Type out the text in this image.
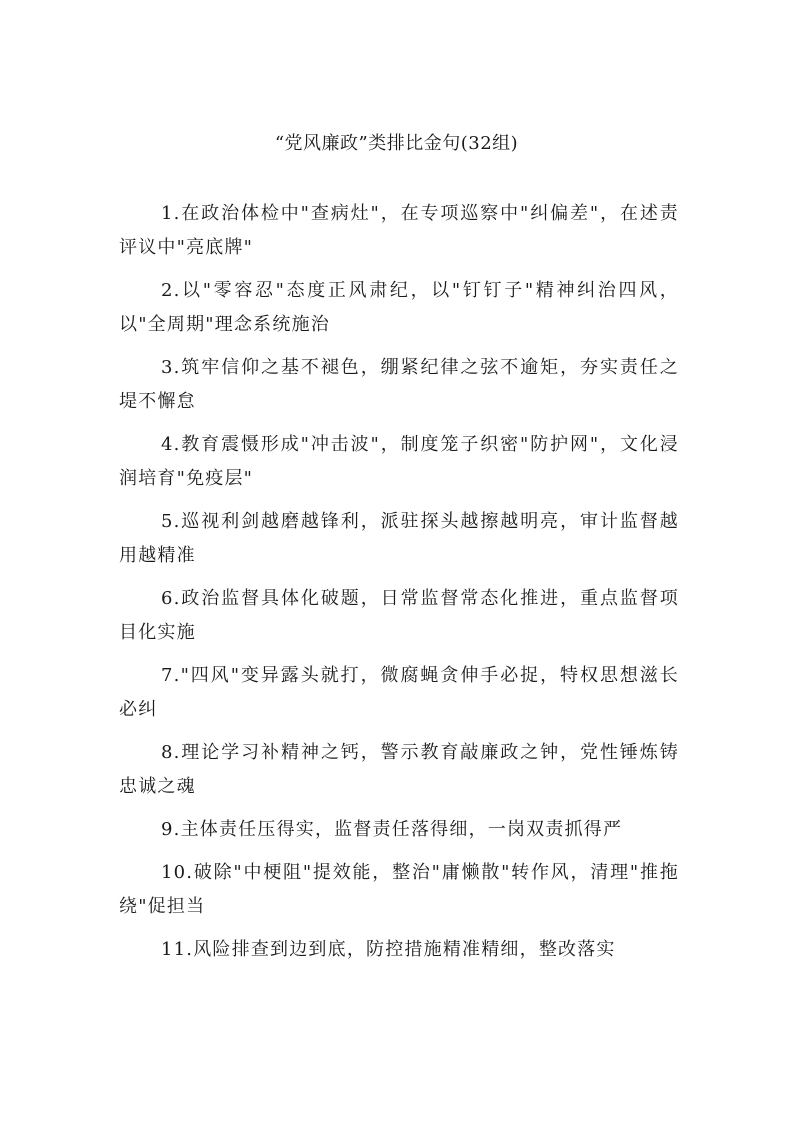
“党风廉政”类排比金句(32组)
1.在政治体检中"查病灶"，在专项巡察中"纠偏差"，在述责评议中"亮底牌"
2.以"零容忍"态度正风肃纪，以"钉钉子"精神纠治四风，以"全周期"理念系统施治
3.筑牢信仰之基不褪色，绷紧纪律之弦不逾矩，夯实责任之堤不懈怠
4.教育震慑形成"冲击波"，制度笼子织密"防护网"，文化浸润培育"免疫层"
5.巡视利剑越磨越锋利，派驻探头越擦越明亮，审计监督越用越精准
6.政治监督具体化破题，日常监督常态化推进，重点监督项目化实施
7."四风"变异露头就打，微腐蝇贪伸手必捉，特权思想滋长必纠
8.理论学习补精神之钙，警示教育敲廉政之钟，党性锤炼铸忠诚之魂
9.主体责任压得实，监督责任落得细，一岗双责抓得严
10.破除"中梗阻"提效能，整治"庸懒散"转作风，清理"推拖绕"促担当
11.风险排查到边到底，防控措施精准精细，整改落实
